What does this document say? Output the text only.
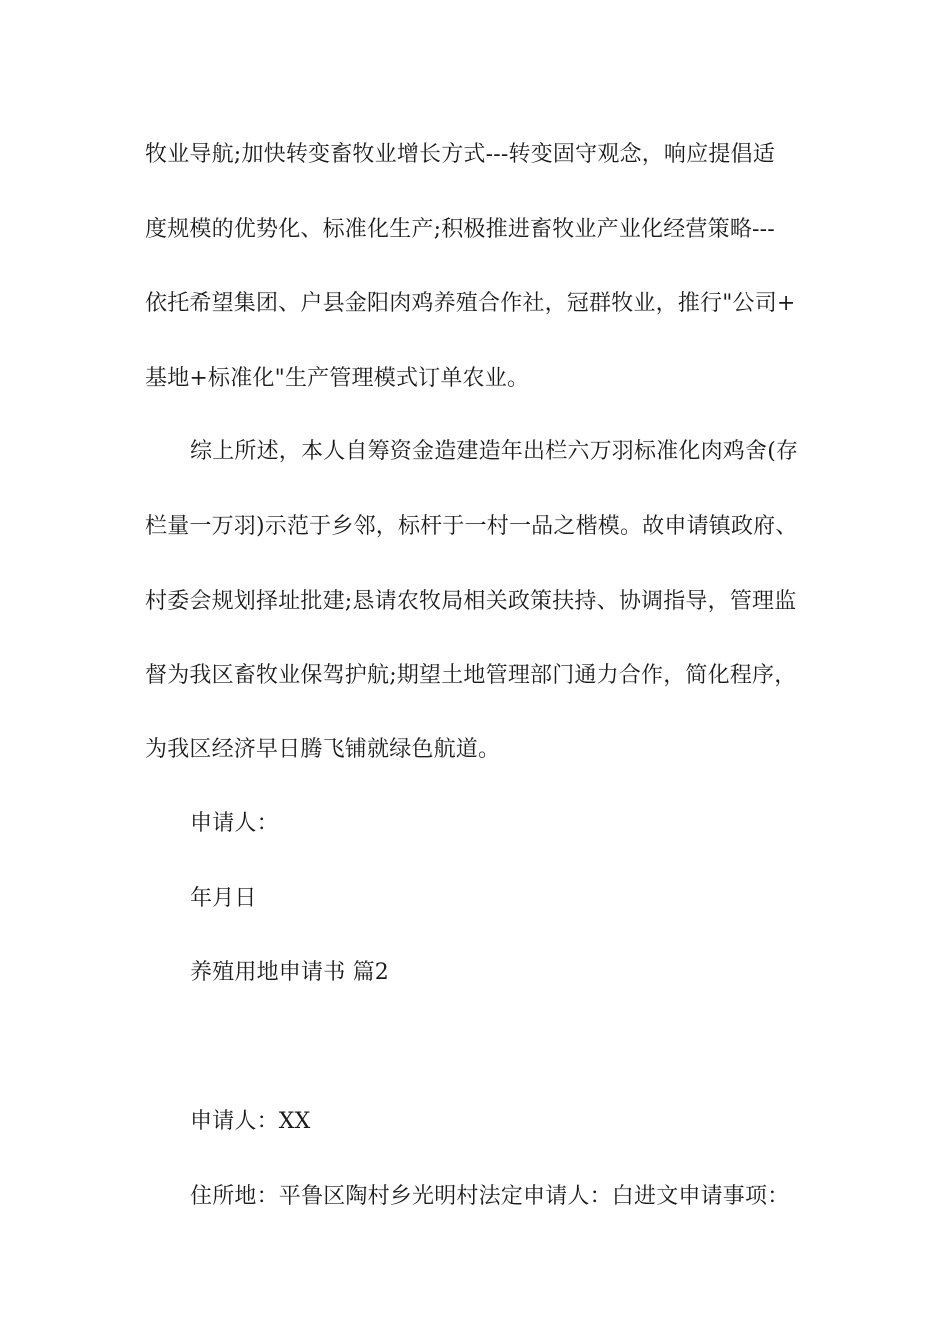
牧业导航;加快转变畜牧业增长方式---转变固守观念，响应提倡适
度规模的优势化、标准化生产;积极推进畜牧业产业化经营策略---
依托希望集团、户县金阳肉鸡养殖合作社，冠群牧业，推行"公司+
基地+标准化"生产管理模式订单农业。
综上所述，本人自筹资金造建造年出栏六万羽标准化肉鸡舍(存
栏量一万羽)示范于乡邻，标杆于一村一品之楷模。故申请镇政府、
村委会规划择址批建;恳请农牧局相关政策扶持、协调指导，管理监
督为我区畜牧业保驾护航;期望土地管理部门通力合作，简化程序，
为我区经济早日腾飞铺就绿色航道。
申请人：
年月日
养殖用地申请书 篇2
申请人：XX
住所地：平鲁区陶村乡光明村法定申请人：白进文申请事项：
